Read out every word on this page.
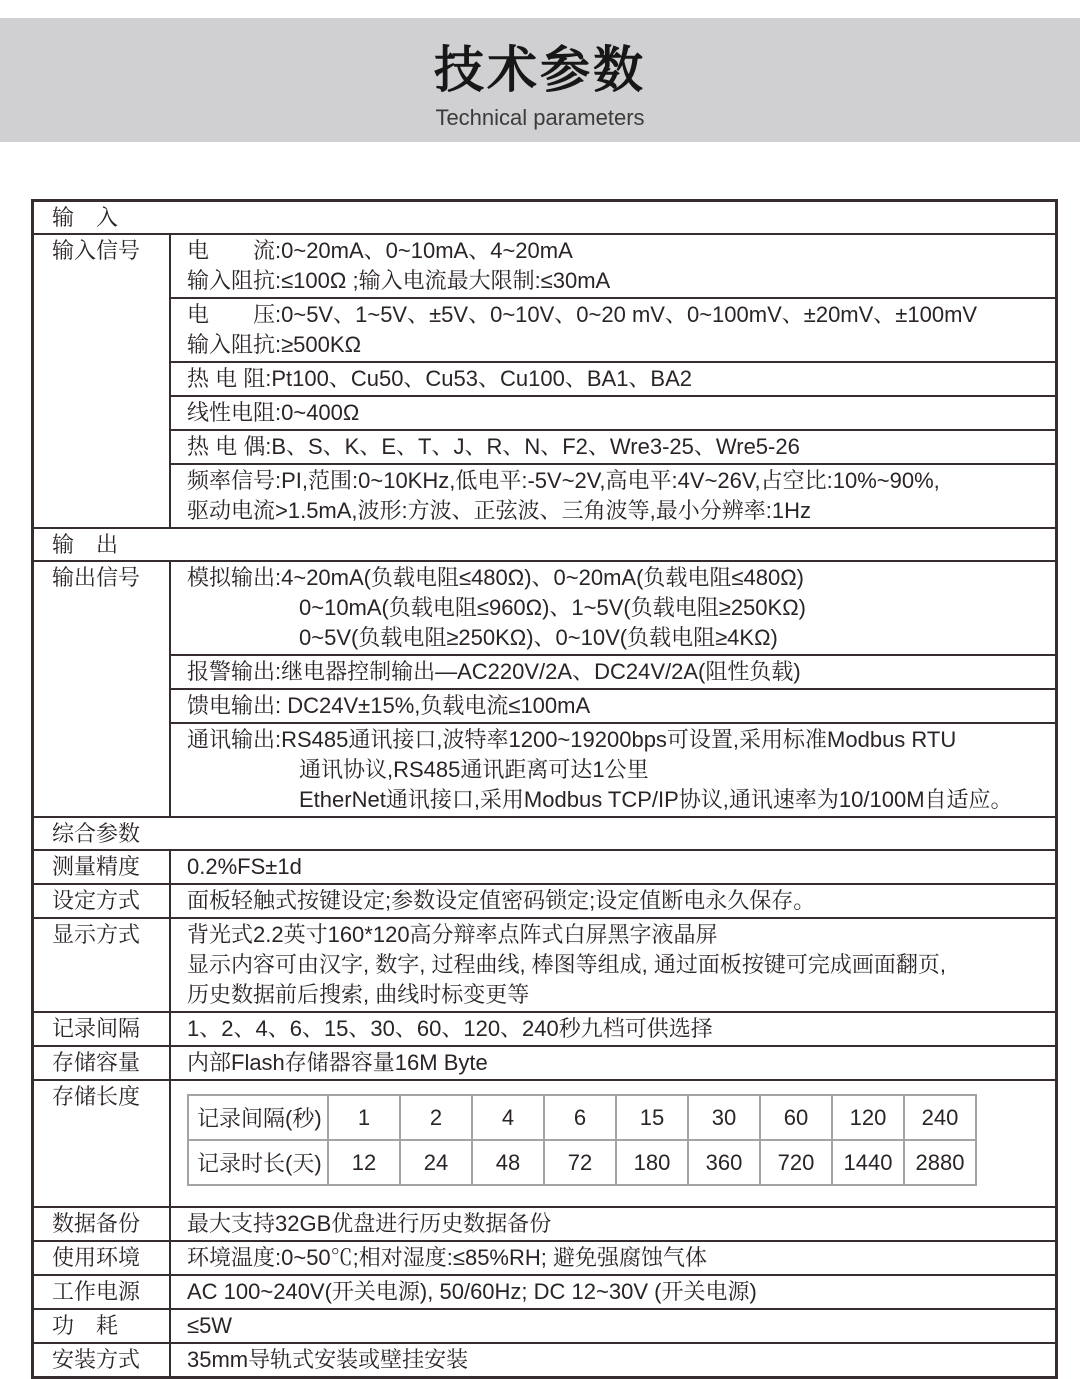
技术参数
Technical parameters
输　入
输入信号	电　　流:0~20mA、0~10mA、4~20mA
输入阻抗:≤100Ω ;输入电流最大限制:≤30mA
电　　压:0~5V、1~5V、±5V、0~10V、0~20 mV、0~100mV、±20mV、±100mV
输入阻抗:≥500KΩ
热 电 阻:Pt100、Cu50、Cu53、Cu100、BA1、BA2
线性电阻:0~400Ω
热 电 偶:B、S、K、E、T、J、R、N、F2、Wre3-25、Wre5-26
频率信号:PI,范围:0~10KHz,低电平:-5V~2V,高电平:4V~26V,占空比:10%~90%,
驱动电流>1.5mA,波形:方波、正弦波、三角波等,最小分辨率:1Hz
输　出
输出信号	模拟输出:4~20mA(负载电阻≤480Ω)、0~20mA(负载电阻≤480Ω)
0~10mA(负载电阻≤960Ω)、1~5V(负载电阻≥250KΩ)
0~5V(负载电阻≥250KΩ)、0~10V(负载电阻≥4KΩ)
报警输出:继电器控制输出—AC220V/2A、DC24V/2A(阻性负载)
馈电输出: DC24V±15%,负载电流≤100mA
通讯输出:RS485通讯接口,波特率1200~19200bps可设置,采用标准Modbus RTU
通讯协议,RS485通讯距离可达1公里
EtherNet通讯接口,采用Modbus TCP/IP协议,通讯速率为10/100M自适应。
综合参数
测量精度	0.2%FS±1d
设定方式	面板轻触式按键设定;参数设定值密码锁定;设定值断电永久保存。
显示方式	背光式2.2英寸160*120高分辩率点阵式白屏黑字液晶屏
显示内容可由汉字, 数字, 过程曲线, 棒图等组成, 通过面板按键可完成画面翻页,
历史数据前后搜索, 曲线时标变更等
记录间隔	1、2、4、6、15、30、60、120、240秒九档可供选择
存储容量	内部Flash存储器容量16M Byte
存储长度
记录间隔(秒)	1	2	4	6	15	30	60	120	240
记录时长(天)	12	24	48	72	180	360	720	1440	2880
数据备份	最大支持32GB优盘进行历史数据备份
使用环境	环境温度:0~50℃;相对湿度:≤85%RH; 避免强腐蚀气体
工作电源	AC 100~240V(开关电源), 50/60Hz; DC 12~30V (开关电源)
功　耗	≤5W
安装方式	35mm导轨式安装或壁挂安装
